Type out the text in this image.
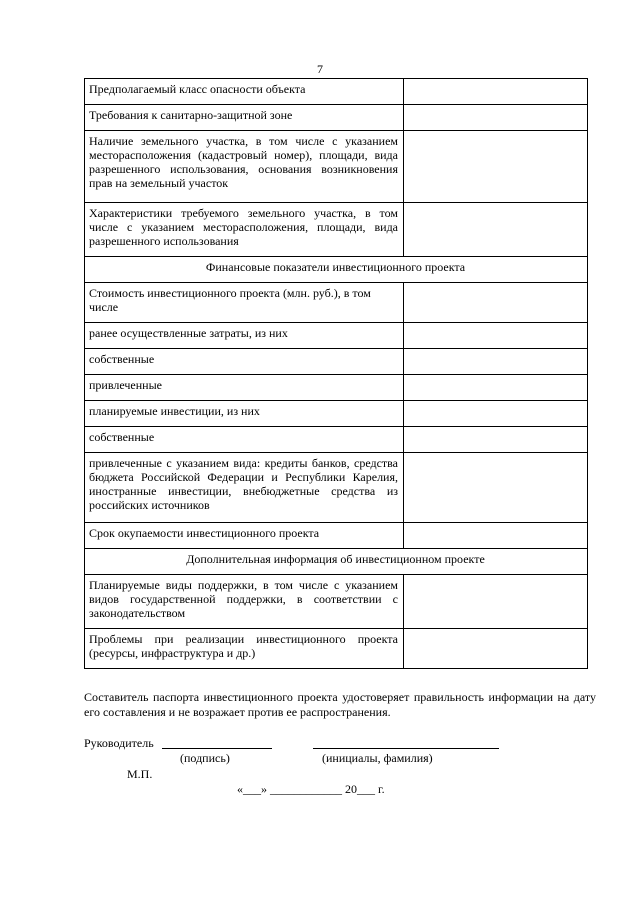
7
Предполагаемый класс опасности объекта	
Требования к санитарно-защитной зоне	
Наличие земельного участка, в том числе с указанием месторасположения (кадастровый номер), площади, вида разрешенного использования, основания возникновения прав на земельный участок	
Характеристики требуемого земельного участка, в том числе с указанием месторасположения, площади, вида разрешенного использования	
Финансовые показатели инвестиционного проекта	
Стоимость инвестиционного проекта (млн. руб.), в том числе	
ранее осуществленные затраты, из них	
собственные	
привлеченные	
планируемые инвестиции, из них	
собственные	
привлеченные с указанием вида: кредиты банков, средства бюджета Российской Федерации и Республики Карелия, иностранные инвестиции, внебюджетные средства из российских источников	
Срок окупаемости инвестиционного проекта	
Дополнительная информация об инвестиционном проекте	
Планируемые виды поддержки, в том числе с указанием видов государственной поддержки, в соответствии с законодательством	
Проблемы при реализации инвестиционного проекта (ресурсы, инфраструктура и др.)	
Составитель паспорта инвестиционного проекта удостоверяет правильность информации на дату его составления и не возражает против ее распространения.
Руководитель
(подпись)	(инициалы, фамилия)
М.П.
«___» ____________ 20___ г.
